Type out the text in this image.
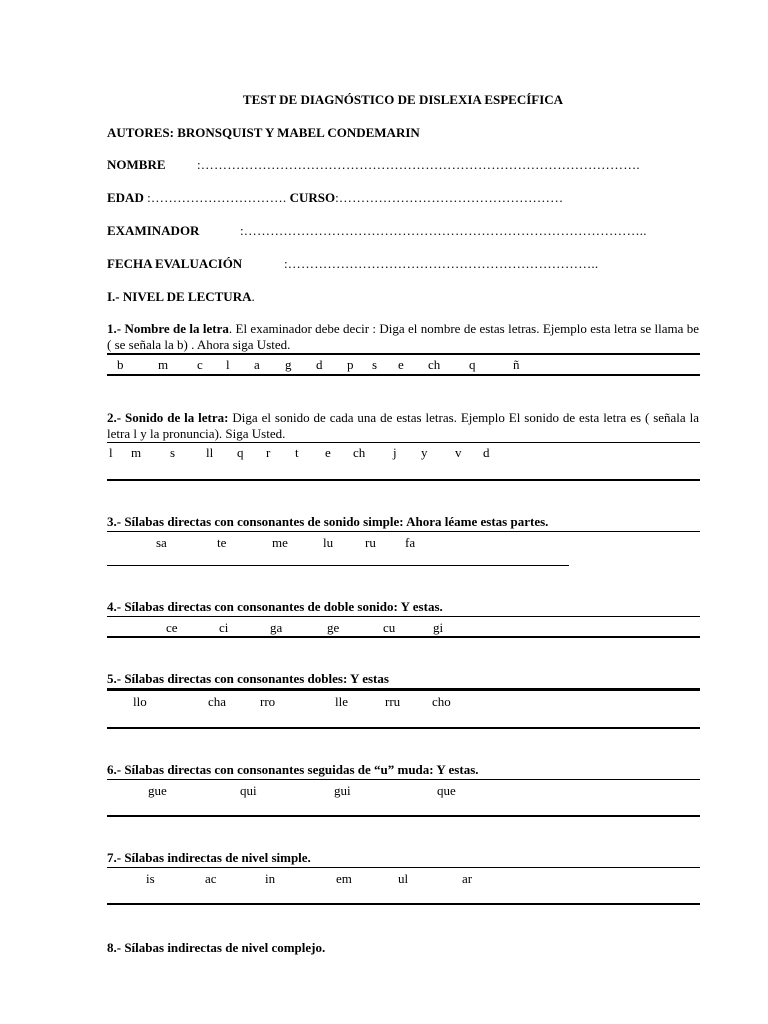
TEST DE DIAGNÓSTICO DE DISLEXIA ESPECÍFICA
AUTORES: BRONSQUIST Y MABEL CONDEMARIN
NOMBRE :……………………………………………………………………………………….
EDAD :…………………………. CURSO:……………………………………………
EXAMINADOR	:………………………………………………………………………………..
FECHA EVALUACIÓN	:……………………………………………………………..
I.- NIVEL DE LECTURA.
1.- Nombre de la letra. El examinador debe decir : Diga el nombre de estas letras. Ejemplo esta letra se llama be ( se señala la b) . Ahora siga Usted.
b	m c l a g d p s e ch q	ñ
2.- Sonido de la letra: Diga el sonido de cada una de estas letras. Ejemplo El sonido de esta letra es ( señala la letra l y la pronuncia). Siga Usted.
l m s ll q r t e ch j y v d
3.- Sílabas directas con consonantes de sonido simple: Ahora léame estas partes.
sa	te	me	lu ru fa
4.- Sílabas directas con consonantes de doble sonido: Y estas.
ce	ci	ga	ge	cu	gi
5.- Sílabas directas con consonantes dobles: Y estas
llo	cha	rro	lle	rru cho
6.- Sílabas directas con consonantes seguidas de “u” muda: Y estas.
gue	qui	gui	que
7.- Sílabas indirectas de nivel simple.
is	ac	in	em	ul	ar
8.- Sílabas indirectas de nivel complejo.
